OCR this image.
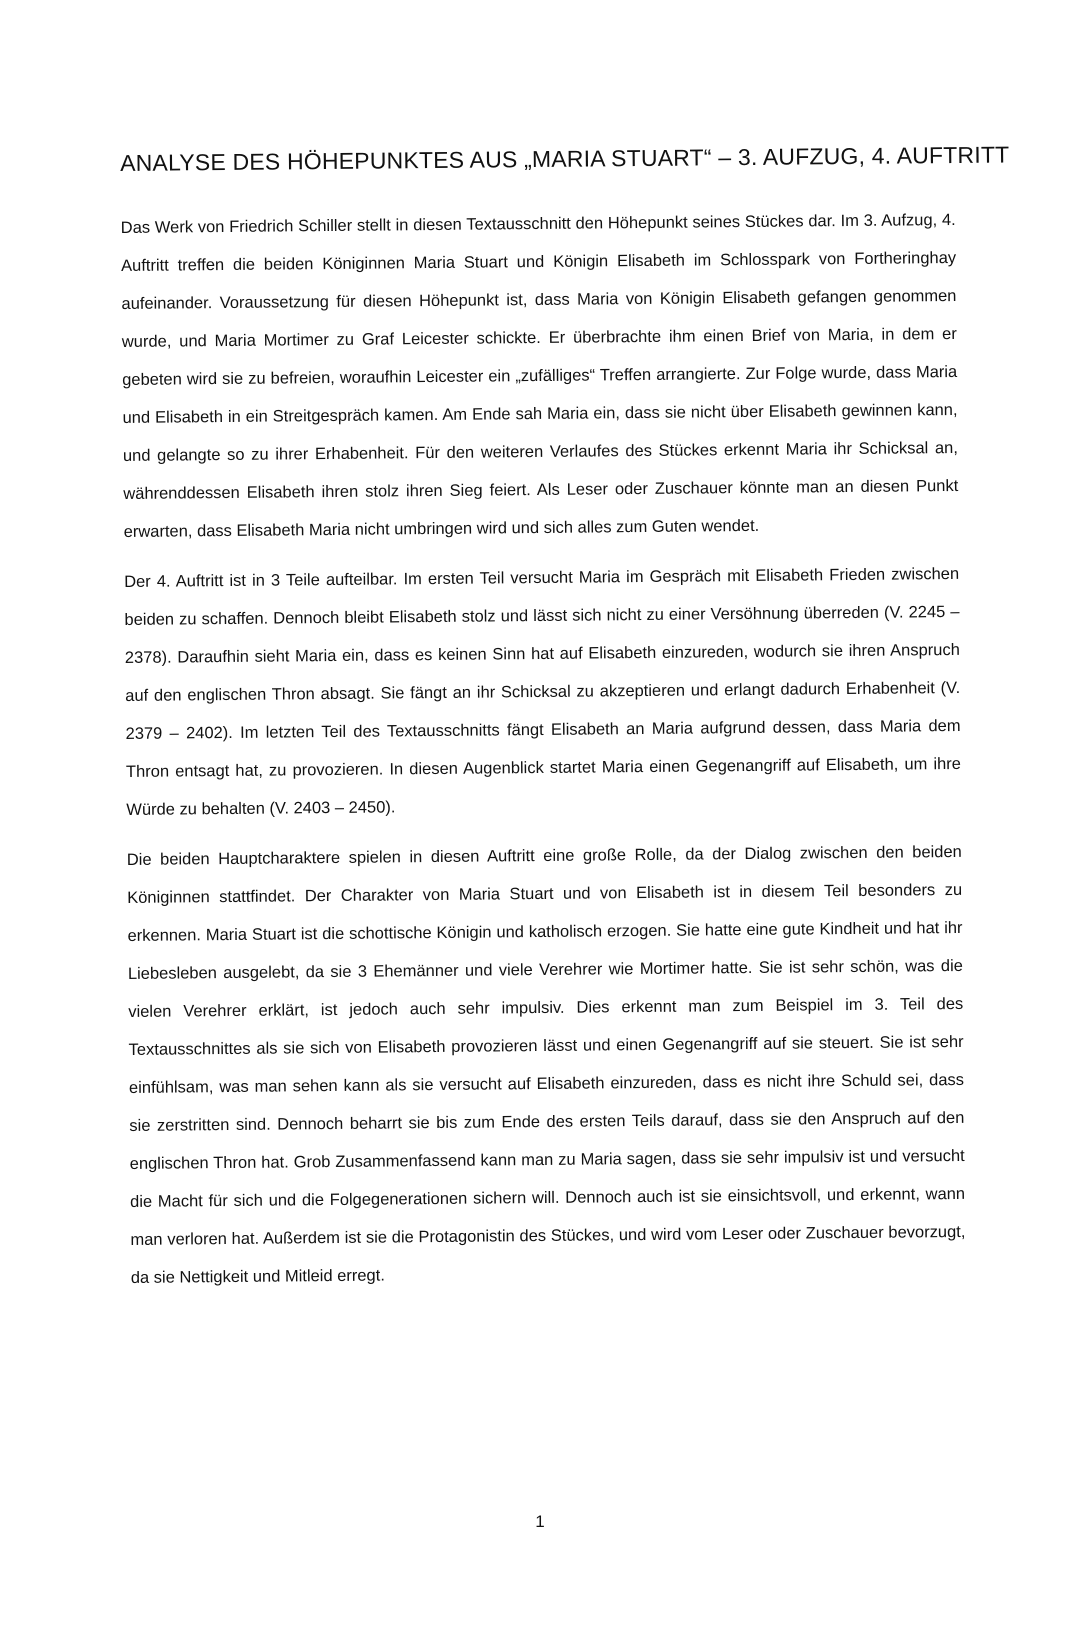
ANALYSE DES HÖHEPUNKTES AUS „MARIA STUART“ – 3. AUFZUG, 4. AUFTRITT

Das Werk von Friedrich Schiller stellt in diesen Textausschnitt den Höhepunkt seines Stückes dar. Im 3. Aufzug, 4. Auftritt treffen die beiden Königinnen Maria Stuart und Königin Elisabeth im Schlosspark von Fortheringhay aufeinander. Voraussetzung für diesen Höhepunkt ist, dass Maria von Königin Elisabeth gefangen genommen wurde, und Maria Mortimer zu Graf Leicester schickte. Er überbrachte ihm einen Brief von Maria, in dem er gebeten wird sie zu befreien, woraufhin Leicester ein „zufälliges“ Treffen arrangierte. Zur Folge wurde, dass Maria und Elisabeth in ein Streitgespräch kamen. Am Ende sah Maria ein, dass sie nicht über Elisabeth gewinnen kann, und gelangte so zu ihrer Erhabenheit. Für den weiteren Verlaufes des Stückes erkennt Maria ihr Schicksal an, währenddessen Elisabeth ihren stolz ihren Sieg feiert. Als Leser oder Zuschauer könnte man an diesen Punkt erwarten, dass Elisabeth Maria nicht umbringen wird und sich alles zum Guten wendet.

Der 4. Auftritt ist in 3 Teile aufteilbar. Im ersten Teil versucht Maria im Gespräch mit Elisabeth Frieden zwischen beiden zu schaffen. Dennoch bleibt Elisabeth stolz und lässt sich nicht zu einer Versöhnung überreden (V. 2245 – 2378). Daraufhin sieht Maria ein, dass es keinen Sinn hat auf Elisabeth einzureden, wodurch sie ihren Anspruch auf den englischen Thron absagt. Sie fängt an ihr Schicksal zu akzeptieren und erlangt dadurch Erhabenheit (V. 2379 – 2402). Im letzten Teil des Textausschnitts fängt Elisabeth an Maria aufgrund dessen, dass Maria dem Thron entsagt hat, zu provozieren. In diesen Augenblick startet Maria einen Gegenangriff auf Elisabeth, um ihre Würde zu behalten (V. 2403 – 2450).

Die beiden Hauptcharaktere spielen in diesen Auftritt eine große Rolle, da der Dialog zwischen den beiden Königinnen stattfindet. Der Charakter von Maria Stuart und von Elisabeth ist in diesem Teil besonders zu erkennen. Maria Stuart ist die schottische Königin und katholisch erzogen. Sie hatte eine gute Kindheit und hat ihr Liebesleben ausgelebt, da sie 3 Ehemänner und viele Verehrer wie Mortimer hatte. Sie ist sehr schön, was die vielen Verehrer erklärt, ist jedoch auch sehr impulsiv. Dies erkennt man zum Beispiel im 3. Teil des Textausschnittes als sie sich von Elisabeth provozieren lässt und einen Gegenangriff auf sie steuert. Sie ist sehr einfühlsam, was man sehen kann als sie versucht auf Elisabeth einzureden, dass es nicht ihre Schuld sei, dass sie zerstritten sind. Dennoch beharrt sie bis zum Ende des ersten Teils darauf, dass sie den Anspruch auf den englischen Thron hat. Grob Zusammenfassend kann man zu Maria sagen, dass sie sehr impulsiv ist und versucht die Macht für sich und die Folgegenerationen sichern will. Dennoch auch ist sie einsichtsvoll, und erkennt, wann man verloren hat. Außerdem ist sie die Protagonistin des Stückes, und wird vom Leser oder Zuschauer bevorzugt, da sie Nettigkeit und Mitleid erregt.

1
